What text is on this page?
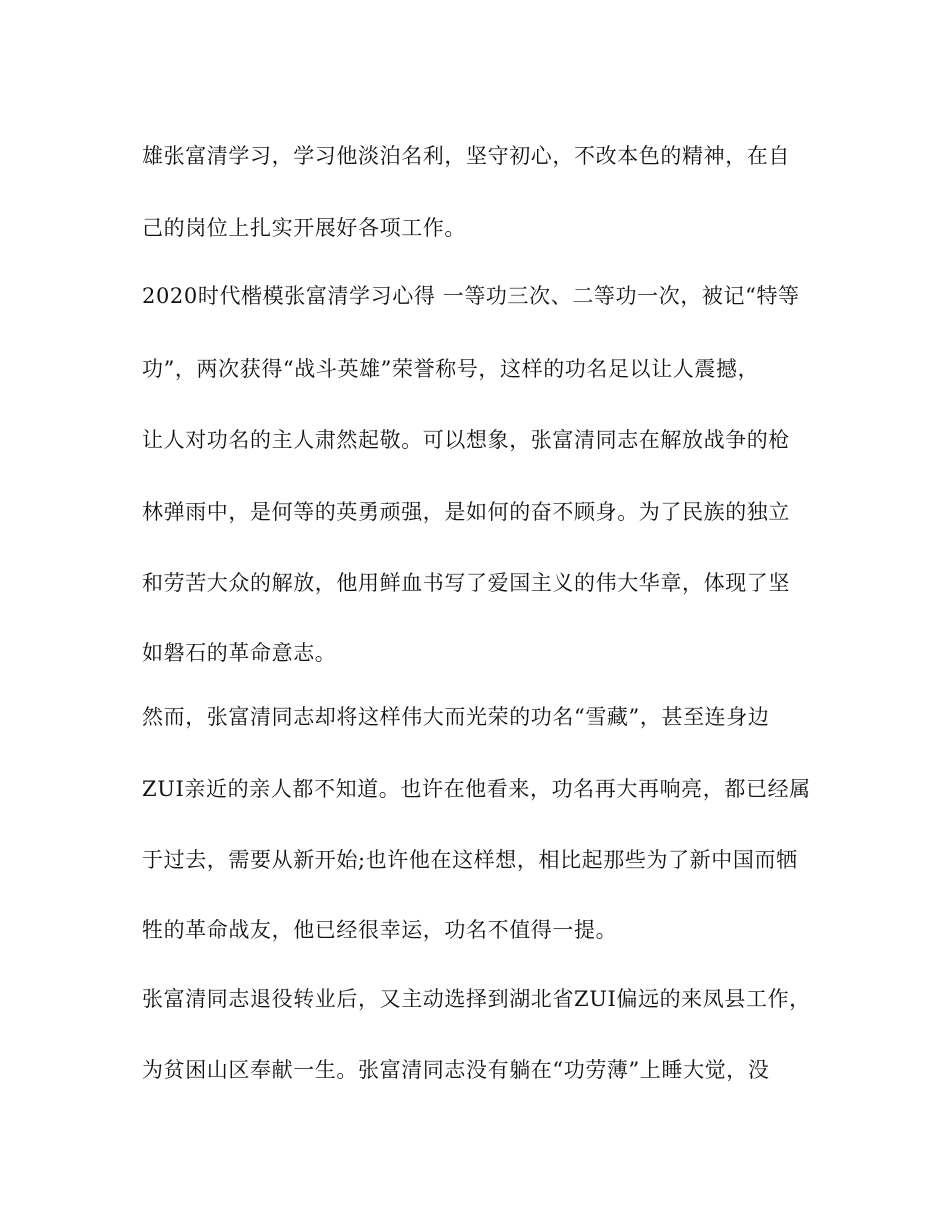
雄张富清学习，学习他淡泊名利，坚守初心，不改本色的精神，在自
己的岗位上扎实开展好各项工作。
2020时代楷模张富清学习心得 一等功三次、二等功一次，被记“特等
功”，两次获得“战斗英雄”荣誉称号，这样的功名足以让人震撼，
让人对功名的主人肃然起敬。可以想象，张富清同志在解放战争的枪
林弹雨中，是何等的英勇顽强，是如何的奋不顾身。为了民族的独立
和劳苦大众的解放，他用鲜血书写了爱国主义的伟大华章，体现了坚
如磐石的革命意志。
然而，张富清同志却将这样伟大而光荣的功名“雪藏”，甚至连身边
ZUI亲近的亲人都不知道。也许在他看来，功名再大再响亮，都已经属
于过去，需要从新开始;也许他在这样想，相比起那些为了新中国而牺
牲的革命战友，他已经很幸运，功名不值得一提。
张富清同志退役转业后，又主动选择到湖北省ZUI偏远的来凤县工作，
为贫困山区奉献一生。张富清同志没有躺在“功劳薄”上睡大觉，没
